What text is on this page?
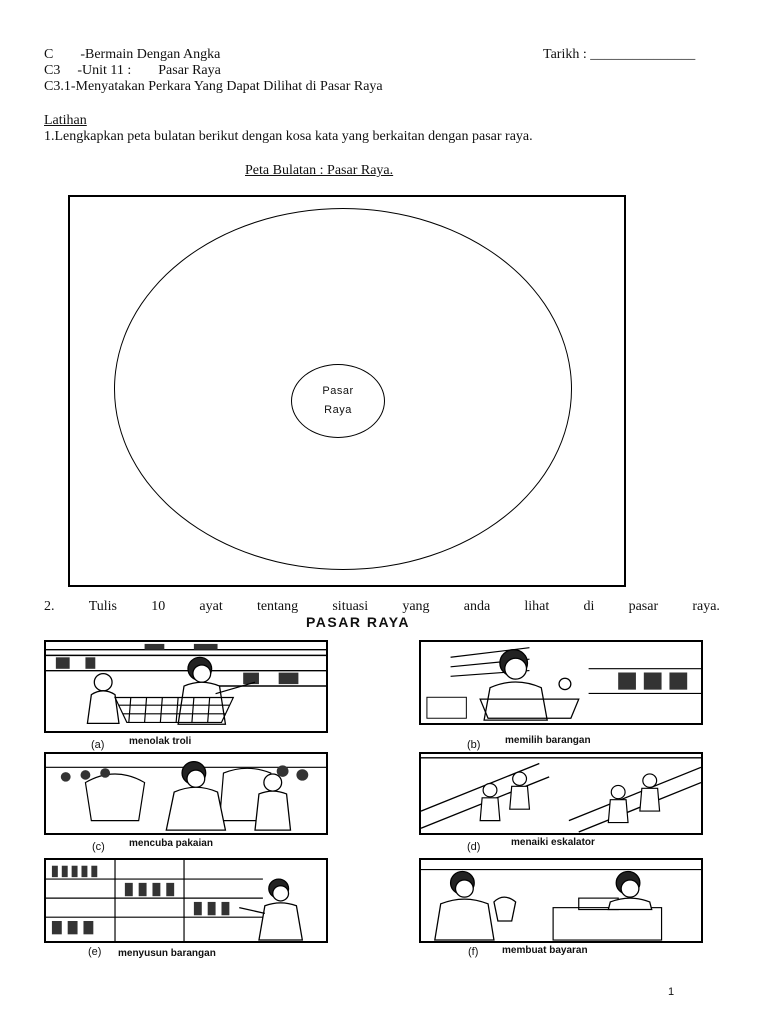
C -Bermain Dengan Angka	Tarikh : _______________
C3 -Unit 11 : Pasar Raya
C3.1-Menyatakan Perkara Yang Dapat Dilihat di Pasar Raya
Latihan
1.Lengkapkan peta bulatan berikut dengan kosa kata yang berkaitan dengan pasar raya.
Peta Bulatan : Pasar Raya.
Pasar
Raya
2. Tulis 10 ayat tentang situasi yang anda lihat di pasar raya.
PASAR RAYA
(a) menolak troli	(b) memilih barangan
(c) mencuba pakaian	(d)	menaiki eskalator
(e) menyusun barangan	(f) membuat bayaran
1
